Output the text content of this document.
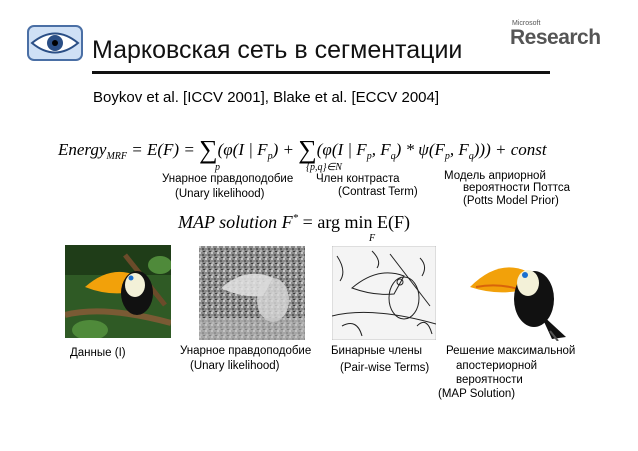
Марковская сеть в сегментации
Microsoft
Research
Boykov et al. [ICCV 2001], Blake et al. [ECCV 2004]
Energy$_{MRF}$ = E(F) = ∑(φ(I | $F_p) + \sum(\varphi(I$ | $F_p$, $F_q) * \psi(F_p$, $F_q$))) + const
p	{p,q}∈N
Унарное правдоподобие
(Unary likelihood)
Член контраста
(Contrast Term)
Модель априорной
вероятности Поттса
(Potts Model Prior)
MAP solution F* = arg min E(F)
F
Данные (I)	Унарное правдоподобие
(Unary likelihood)
Бинарные члены
(Pair-wise Terms)
Решение максимальной
апостериорной
вероятности
(MAP Solution)
